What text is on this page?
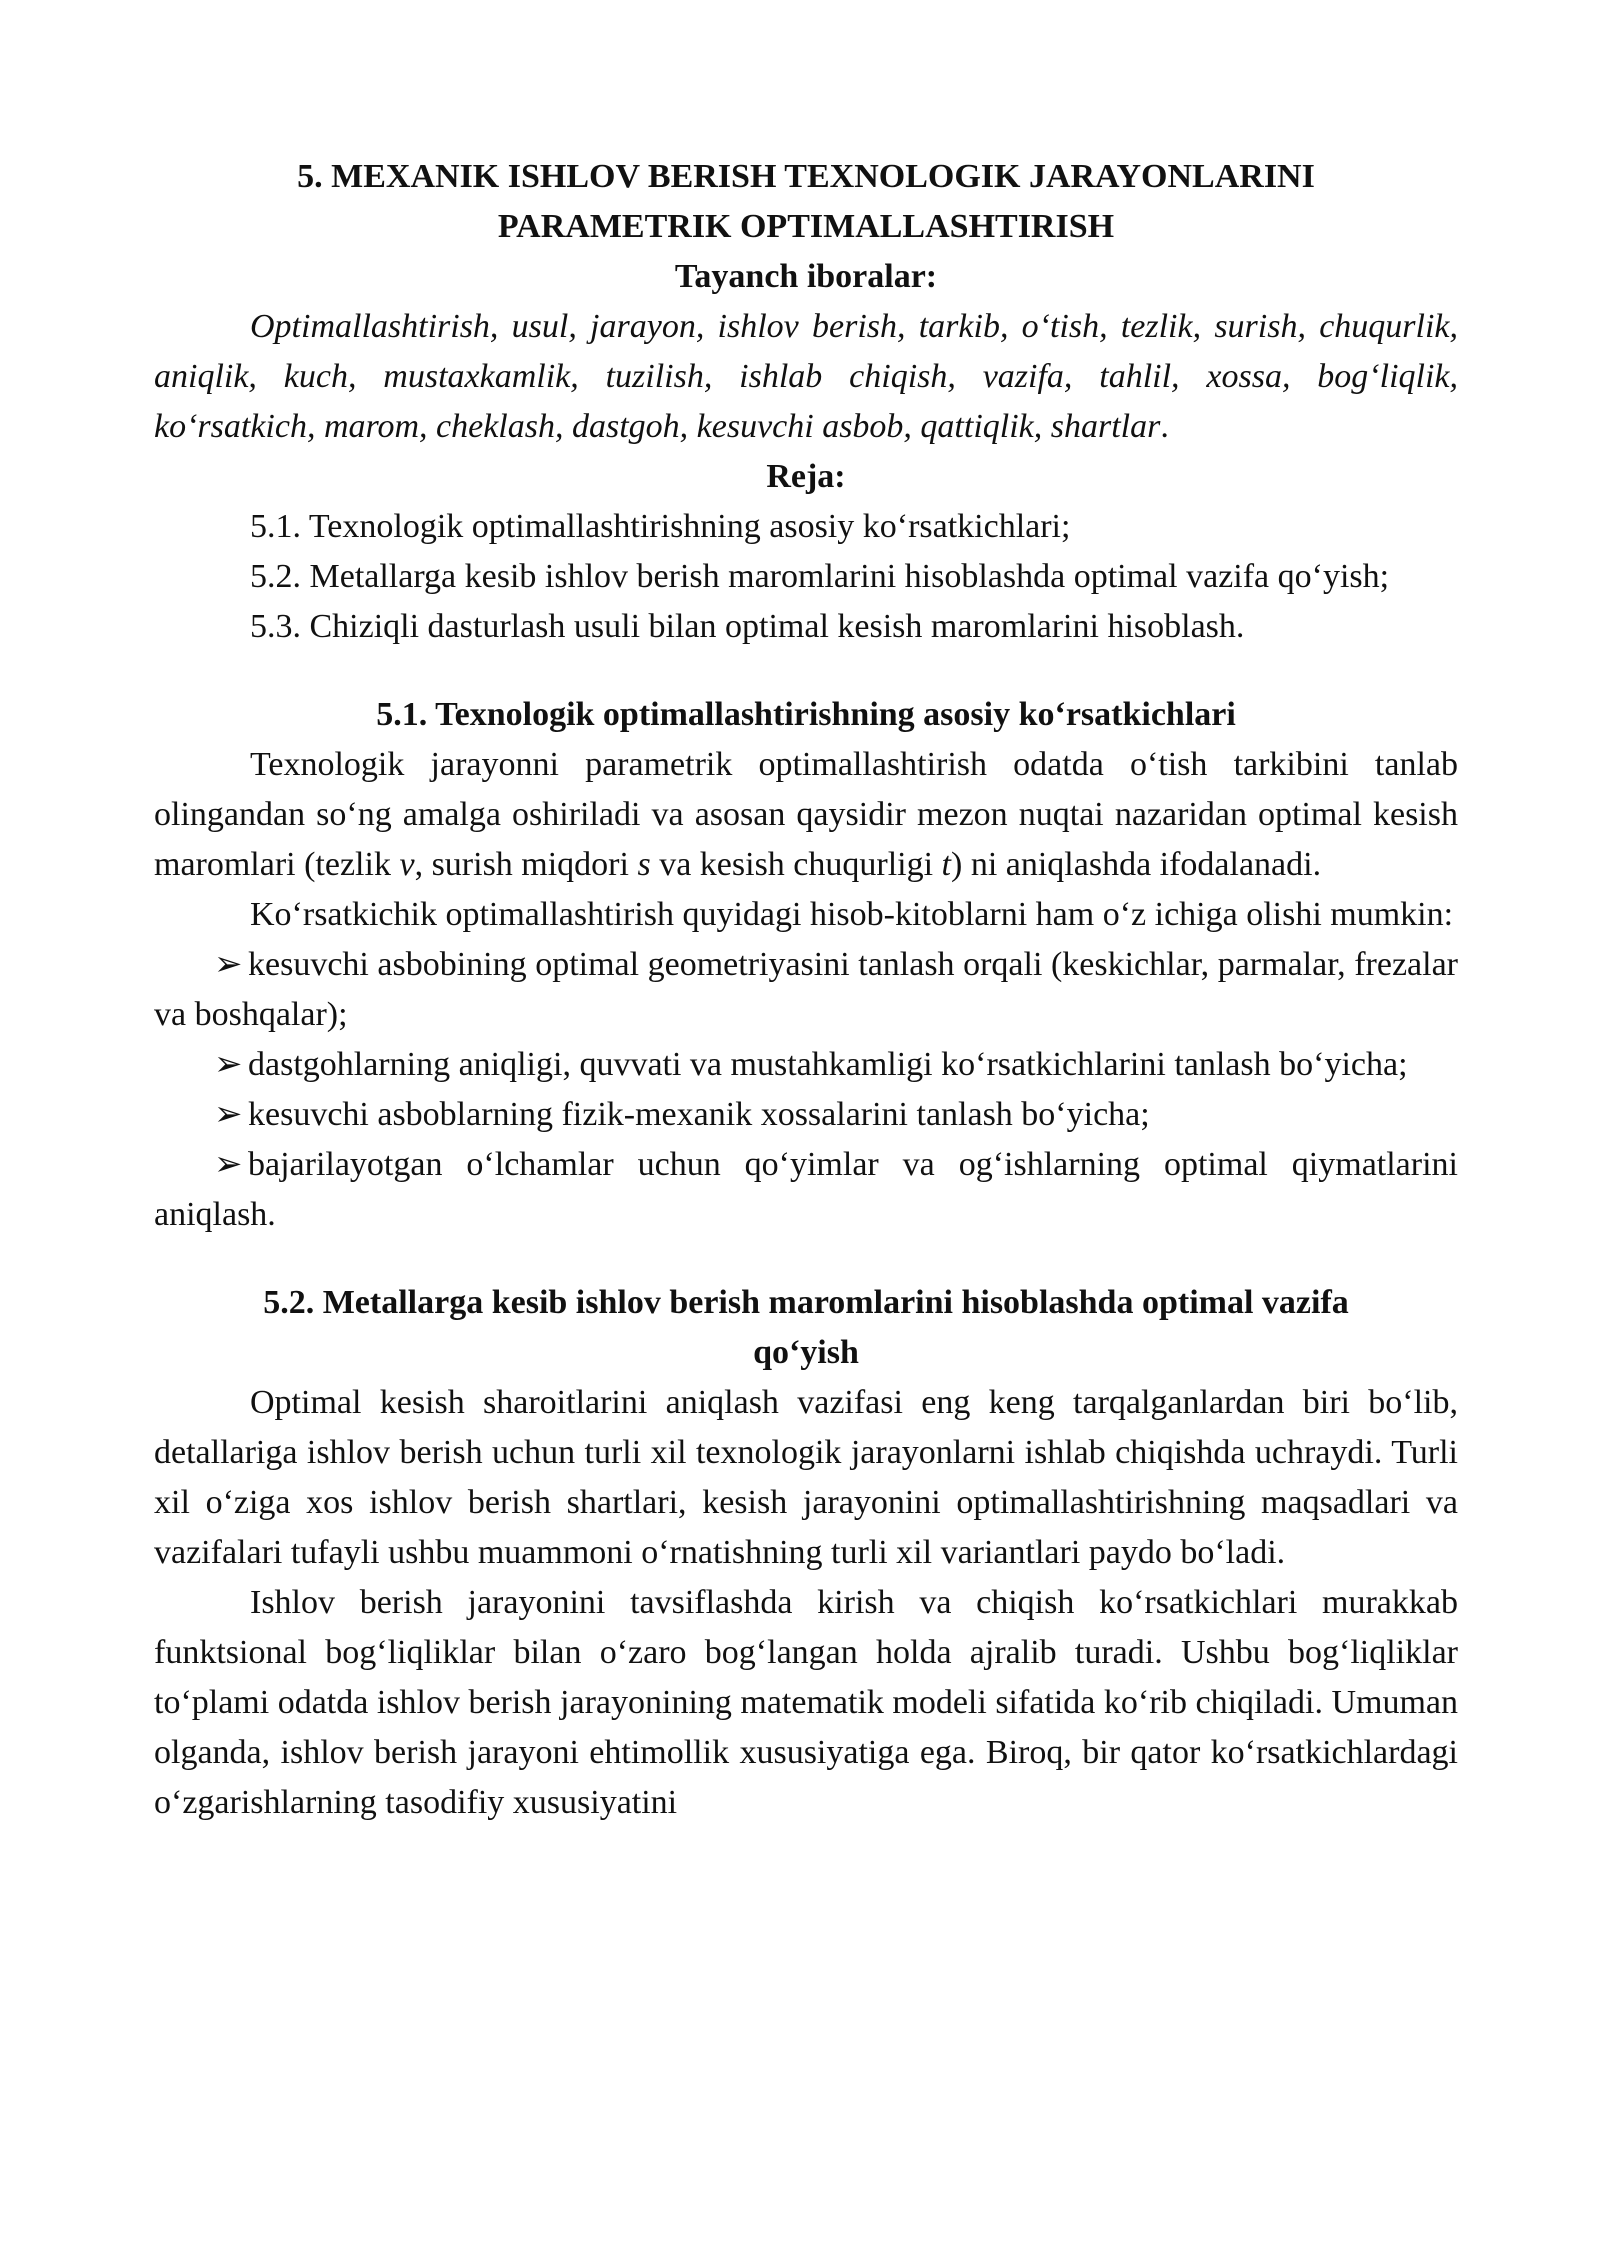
5. MEXANIK ISHLOV BERISH TEXNOLOGIK JARAYONLARINI
PARAMETRIK OPTIMALLASHTIRISH

Tayanch iboralar:

Optimallashtirish, usul, jarayon, ishlov berish, tarkib, o‘tish, tezlik, surish, chuqurlik, aniqlik, kuch, mustaxkamlik, tuzilish, ishlab chiqish, vazifa, tahlil, xossa, bog‘liqlik, ko‘rsatkich, marom, cheklash, dastgoh, kesuvchi asbob, qattiqlik, shartlar.

Reja:

5.1. Texnologik optimallashtirishning asosiy ko‘rsatkichlari;

5.2. Metallarga kesib ishlov berish maromlarini hisoblashda optimal vazifa qo‘yish;

5.3. Chiziqli dasturlash usuli bilan optimal kesish maromlarini hisoblash.

5.1. Texnologik optimallashtirishning asosiy ko‘rsatkichlari

Texnologik jarayonni parametrik optimallashtirish odatda o‘tish tarkibini tanlab olingandan so‘ng amalga oshiriladi va asosan qaysidir mezon nuqtai nazaridan optimal kesish maromlari (tezlik v, surish miqdori s va kesish chuqurligi t) ni aniqlashda ifodalanadi.

Ko‘rsatkichik optimallashtirish quyidagi hisob-kitoblarni ham o‘z ichiga olishi mumkin:

➢ kesuvchi asbobining optimal geometriyasini tanlash orqali (keskichlar, parmalar, frezalar va boshqalar);

➢ dastgohlarning aniqligi, quvvati va mustahkamligi ko‘rsatkichlarini tanlash bo‘yicha;

➢ kesuvchi asboblarning fizik-mexanik xossalarini tanlash bo‘yicha;

➢ bajarilayotgan o‘lchamlar uchun qo‘yimlar va og‘ishlarning optimal qiymatlarini aniqlash.

5.2. Metallarga kesib ishlov berish maromlarini hisoblashda optimal vazifa
qo‘yish

Optimal kesish sharoitlarini aniqlash vazifasi eng keng tarqalganlardan biri bo‘lib, detallariga ishlov berish uchun turli xil texnologik jarayonlarni ishlab chiqishda uchraydi. Turli xil o‘ziga xos ishlov berish shartlari, kesish jarayonini optimallashtirishning maqsadlari va vazifalari tufayli ushbu muammoni o‘rnatishning turli xil variantlari paydo bo‘ladi.

Ishlov berish jarayonini tavsiflashda kirish va chiqish ko‘rsatkichlari murakkab funktsional bog‘liqliklar bilan o‘zaro bog‘langan holda ajralib turadi. Ushbu bog‘liqliklar to‘plami odatda ishlov berish jarayonining matematik modeli sifatida ko‘rib chiqiladi. Umuman olganda, ishlov berish jarayoni ehtimollik xususiyatiga ega. Biroq, bir qator ko‘rsatkichlardagi o‘zgarishlarning tasodifiy xususiyatini
